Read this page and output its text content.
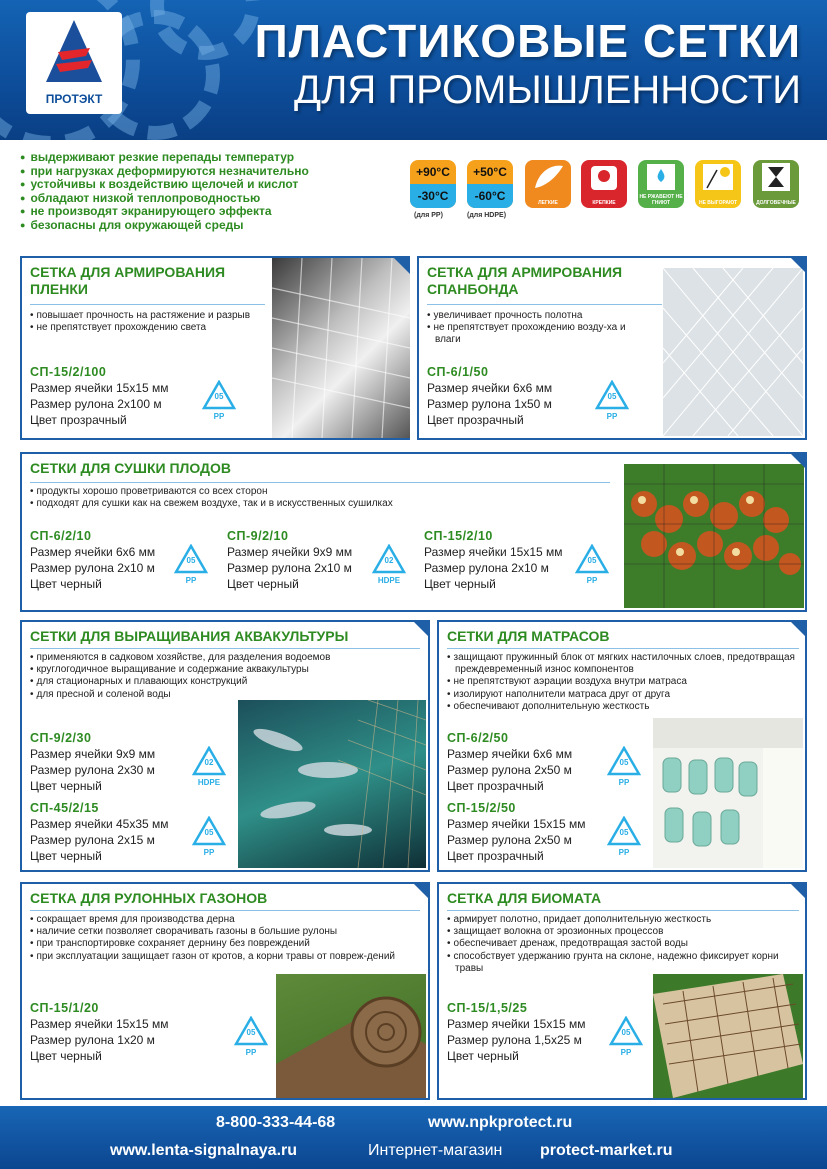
ПРОТЭКТ
ПЛАСТИКОВЫЕ СЕТКИ
ДЛЯ ПРОМЫШЛЕННОСТИ
● выдерживают резкие перепады температур
● при нагрузках деформируются незначительно
● устойчивы к воздействию щелочей и кислот
● обладают низкой теплопроводностью
● не производят экранирующего эффекта
● безопасны для окружающей среды
+90°C
-30°C
(для PP)
+50°C
-60°C
(для HDPE)
ЛЕГКИЕ	КРЕПКИЕ
НЕ РЖАВЕЮТ НЕ ГНИЮТ	НЕ ВЫГОРАЮТ	ДОЛГОВЕЧНЫЕ
СЕТКА ДЛЯ АРМИРОВАНИЯ ПЛЕНКИ
• повышает прочность на растяжение и разрыв
• не препятствует прохождению света
СП-15/2/100
Размер ячейки 15x15 мм
Размер рулона 2x100 м
Цвет прозрачный
05
PP
СЕТКА ДЛЯ АРМИРОВАНИЯ СПАНБОНДА
• увеличивает прочность полотна
• не препятствует прохождению возду-ха и влаги
СП-6/1/50
Размер ячейки 6x6 мм
Размер рулона 1x50 м
Цвет прозрачный
05
PP
СЕТКИ ДЛЯ СУШКИ ПЛОДОВ
• продукты хорошо проветриваются со всех сторон
• подходят для сушки как на свежем воздухе, так и в искусственных сушилках
СП-6/2/10
Размер ячейки 6x6 мм
Размер рулона 2x10 м
Цвет черный
05
PP
СП-9/2/10
Размер ячейки 9x9 мм
Размер рулона 2x10 м
Цвет черный
02
HDPE
СП-15/2/10
Размер ячейки 15x15 мм
Размер рулона 2x10 м
Цвет черный
05
PP
СЕТКИ ДЛЯ ВЫРАЩИВАНИЯ АКВАКУЛЬТУРЫ
• применяются в садковом хозяйстве, для разделения водоемов
• круглогодичное выращивание и содержание аквакультуры
• для стационарных и плавающих конструкций
• для пресной и соленой воды
СП-9/2/30
Размер ячейки 9x9 мм
Размер рулона 2x30 м
Цвет черный
02
HDPE
СП-45/2/15
Размер ячейки 45x35 мм
Размер рулона 2x15 м
Цвет черный
05
PP
СЕТКИ ДЛЯ МАТРАСОВ
• защищают пружинный блок от мягких настилочных слоев, предотвращая преждевременный износ компонентов
• не препятствуют аэрации воздуха внутри матраса
• изолируют наполнители матраса друг от друга
• обеспечивают дополнительную жесткость
СП-6/2/50
Размер ячейки 6x6 мм
Размер рулона 2x50 м
Цвет прозрачный
05
PP
СП-15/2/50
Размер ячейки 15x15 мм
Размер рулона 2x50 м
Цвет прозрачный
05
PP
СЕТКА ДЛЯ РУЛОННЫХ ГАЗОНОВ
• сокращает время для производства дерна
• наличие сетки позволяет сворачивать газоны в большие рулоны
• при транспортировке сохраняет дернину без повреждений
• при эксплуатации защищает газон от кротов, а корни травы от повреж-дений
СП-15/1/20
Размер ячейки 15x15 мм
Размер рулона 1x20 м
Цвет черный
05
PP
СЕТКА ДЛЯ БИОМАТА
• армирует полотно, придает дополнительную жесткость
• защищает волокна от эрозионных процессов
• обеспечивает дренаж, предотвращая застой воды
• способствует удержанию грунта на склоне, надежно фиксирует корни травы
СП-15/1,5/25
Размер ячейки 15x15 мм
Размер рулона 1,5x25 м
Цвет черный
05
PP
8-800-333-44-68	www.npkprotect.ru
www.lenta-signalnaya.ru	Интернет-магазин protect-market.ru
